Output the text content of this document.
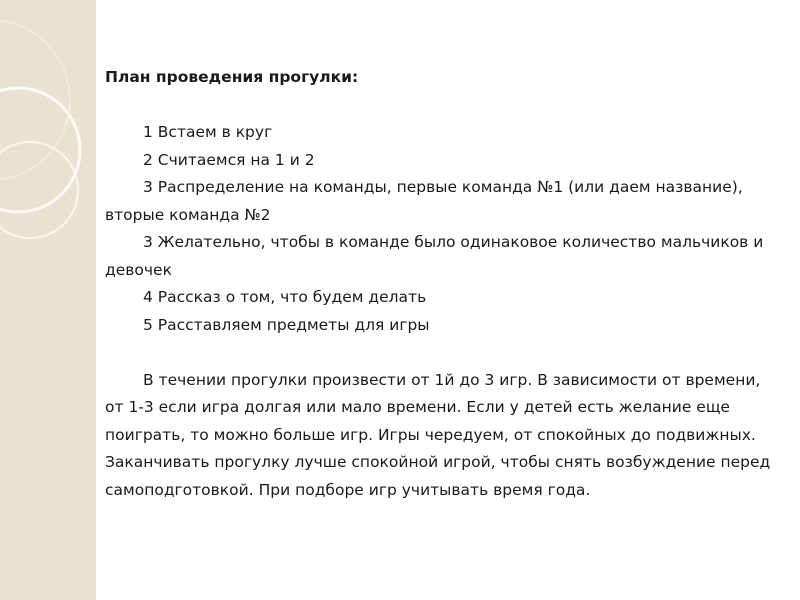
План проведения прогулки:

1 Встаем в круг

2 Считаемся на 1 и 2

3 Распределение на команды, первые команда №1 (или даем название), вторые команда №2

3 Желательно, чтобы в команде было одинаковое количество мальчиков и девочек

4 Рассказ о том, что будем делать

5 Расставляем предметы для игры

В течении прогулки произвести от 1й до 3 игр. В зависимости от времени, от 1-3 если игра долгая или мало времени. Если у детей есть желание еще поиграть, то можно больше игр. Игры чередуем, от спокойных до подвижных. Заканчивать прогулку лучше спокойной игрой, чтобы снять возбуждение перед самоподготовкой. При подборе игр учитывать время года.
